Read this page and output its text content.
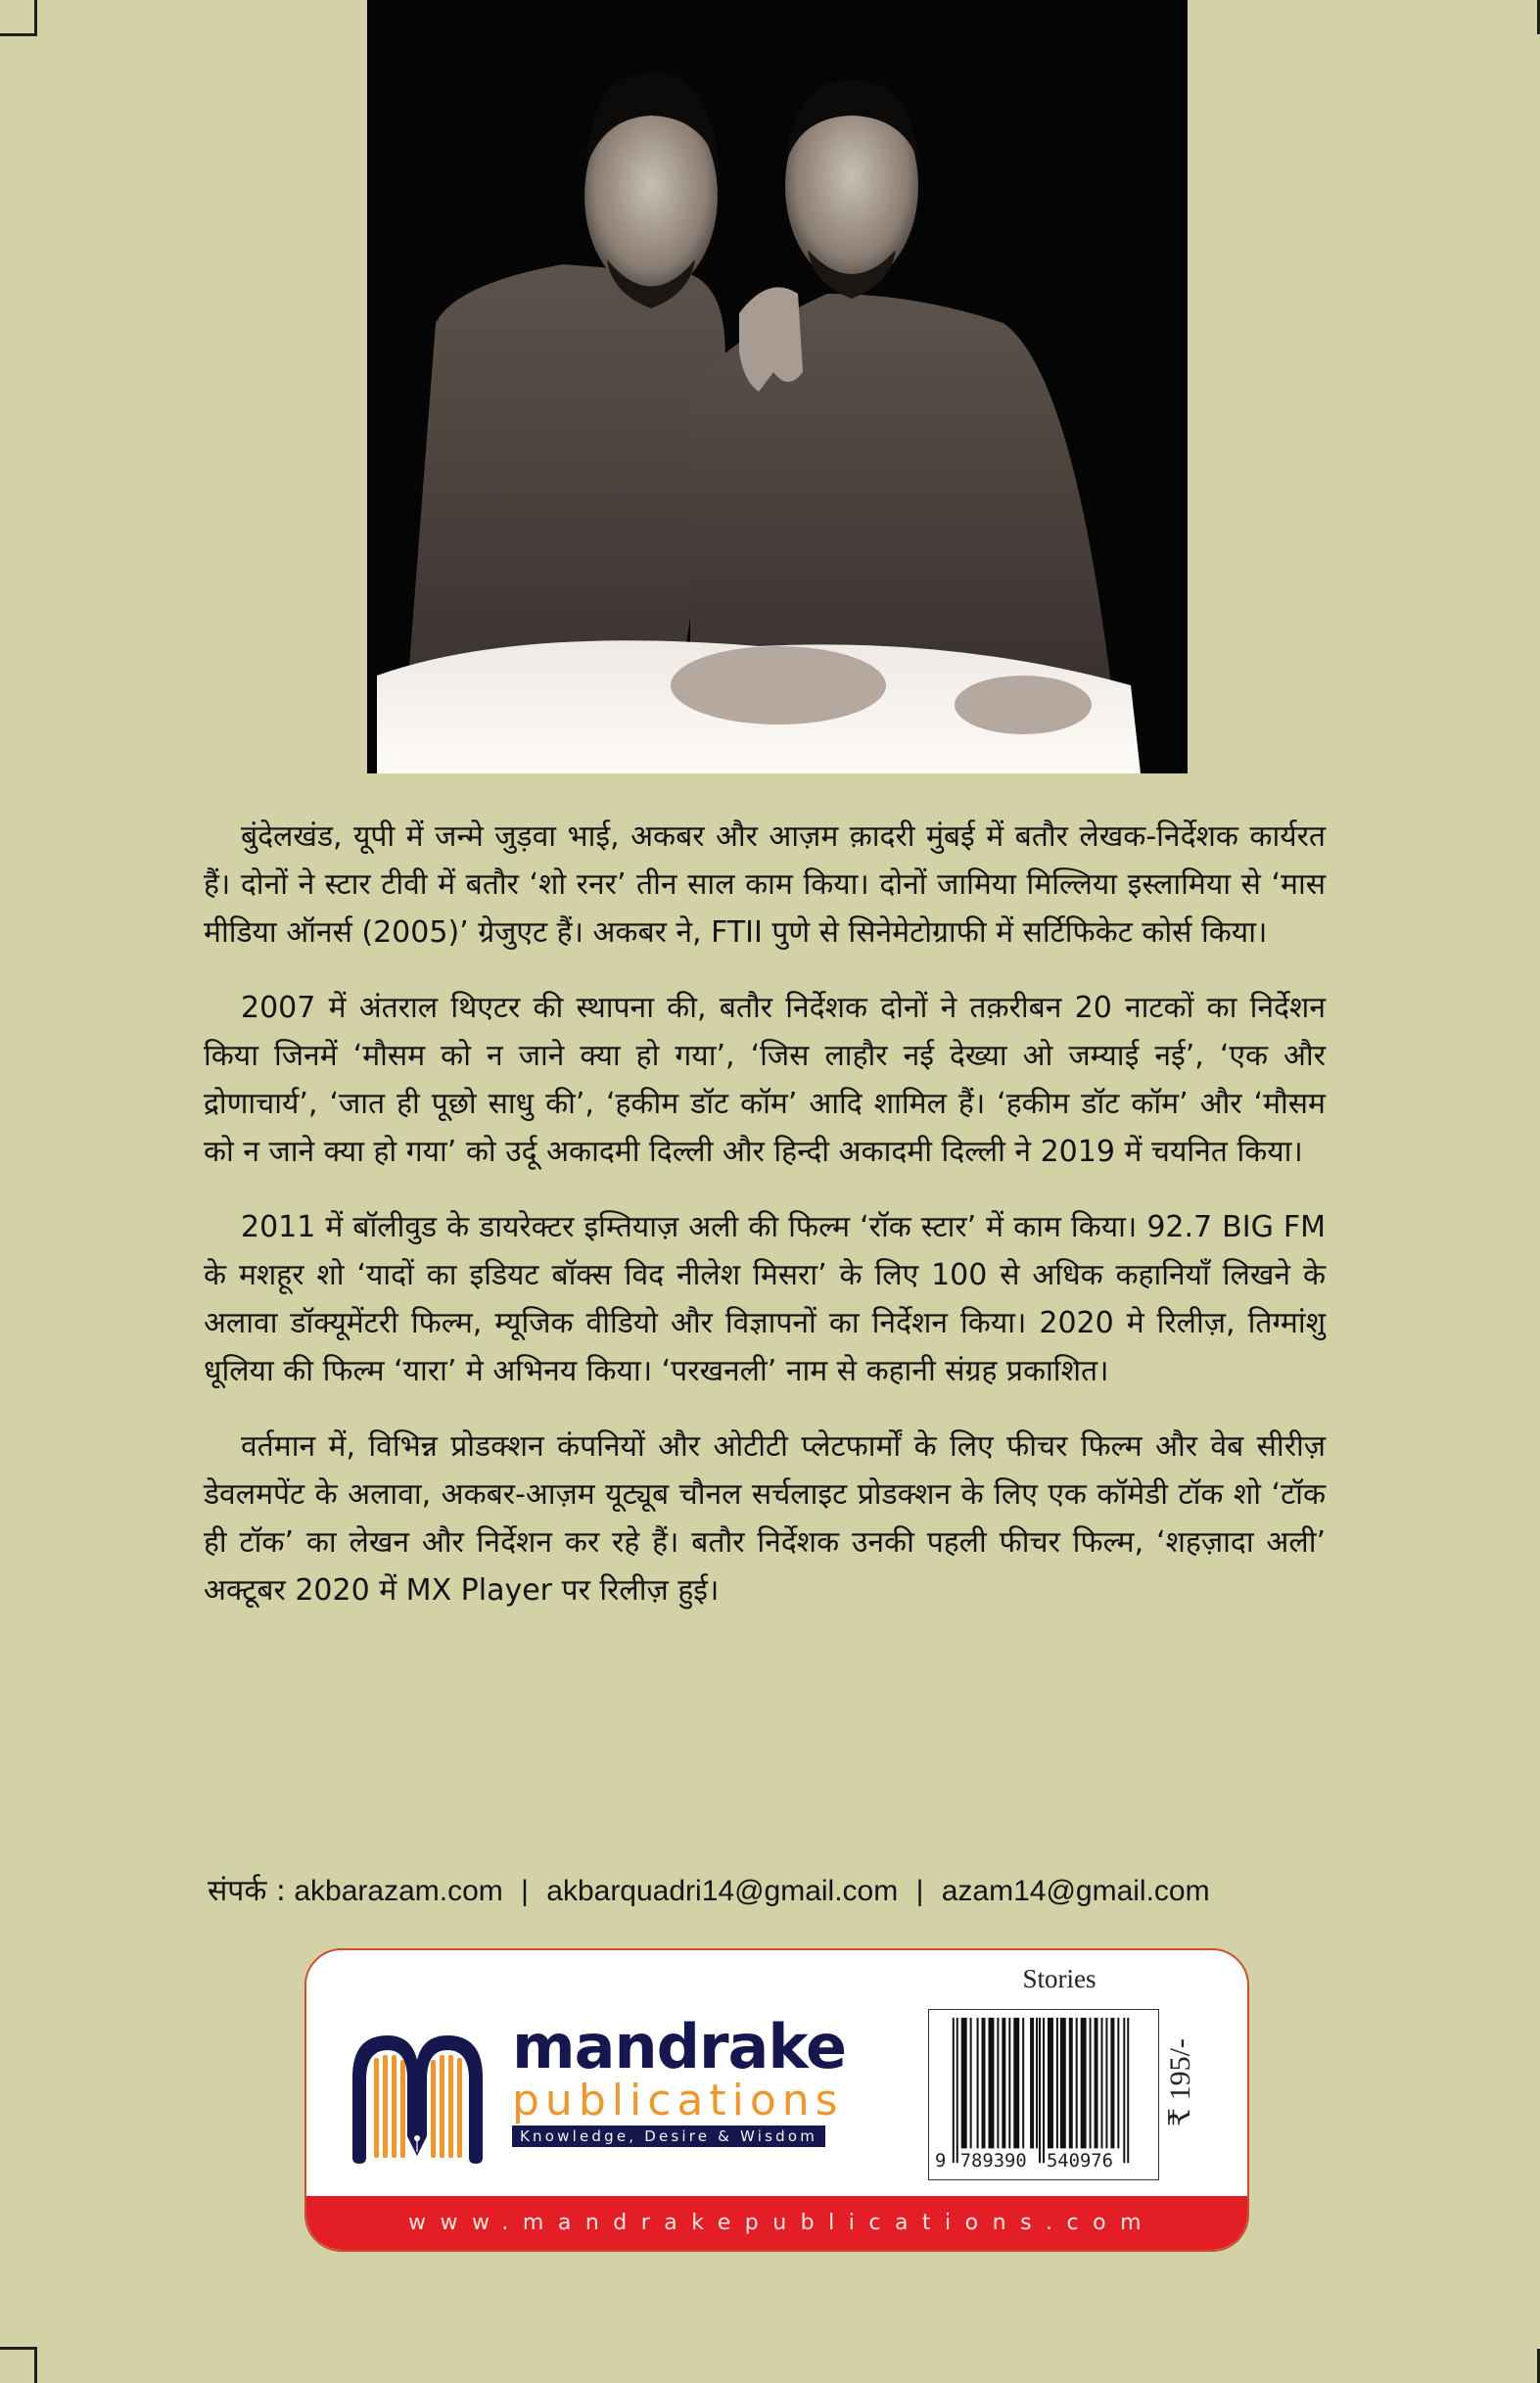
बुंदेलखंड, यूपी में जन्मे जुड़वा भाई, अकबर और आज़म क़ादरी मुंबई में बतौर लेखक-निर्देशक कार्यरत हैं। दोनों ने स्टार टीवी में बतौर ‘शो रनर’ तीन साल काम किया। दोनों जामिया मिल्लिया इस्लामिया से ‘मास मीडिया ऑनर्स (2005)’ ग्रेजुएट हैं। अकबर ने, FTII पुणे से सिनेमेटोग्राफी में सर्टिफिकेट कोर्स किया।

2007 में अंतराल थिएटर की स्थापना की, बतौर निर्देशक दोनों ने तक़रीबन 20 नाटकों का निर्देशन किया जिनमें ‘मौसम को न जाने क्या हो गया’, ‘जिस लाहौर नई देख्या ओ जम्याई नई’, ‘एक और द्रोणाचार्य’, ‘जात ही पूछो साधु की’, ‘हकीम डॉट कॉम’ आदि शामिल हैं। ‘हकीम डॉट कॉम’ और ‘मौसम को न जाने क्या हो गया’ को उर्दू अकादमी दिल्ली और हिन्दी अकादमी दिल्ली ने 2019 में चयनित किया।

2011 में बॉलीवुड के डायरेक्टर इम्तियाज़ अली की फिल्म ‘रॉक स्टार’ में काम किया। 92.7 BIG FM के मशहूर शो ‘यादों का इडियट बॉक्स विद नीलेश मिसरा’ के लिए 100 से अधिक कहानियाँ लिखने के अलावा डॉक्यूमेंटरी फिल्म, म्यूजिक वीडियो और विज्ञापनों का निर्देशन किया। 2020 मे रिलीज़, तिग्मांशु धूलिया की फिल्म ‘यारा’ मे अभिनय किया। ‘परखनली’ नाम से कहानी संग्रह प्रकाशित।

वर्तमान में, विभिन्न प्रोडक्शन कंपनियों और ओटीटी प्लेटफार्मों के लिए फीचर फिल्म और वेब सीरीज़ डेवलमपेंट के अलावा, अकबर-आज़म यूट्यूब चौनल सर्चलाइट प्रोडक्शन के लिए एक कॉमेडी टॉक शो ‘टॉक ही टॉक’ का लेखन और निर्देशन कर रहे हैं। बतौर निर्देशक उनकी पहली फीचर फिल्म, ‘शहज़ादा अली’ अक्टूबर 2020 में MX Player पर रिलीज़ हुई।

संपर्क : akbarazam.com | akbarquadri14@gmail.com | azam14@gmail.com
mandrake
publications
Knowledge, Desire & Wisdom
Stories
9 789390 540976
₹ 195/-
www.mandrakepublications.com
